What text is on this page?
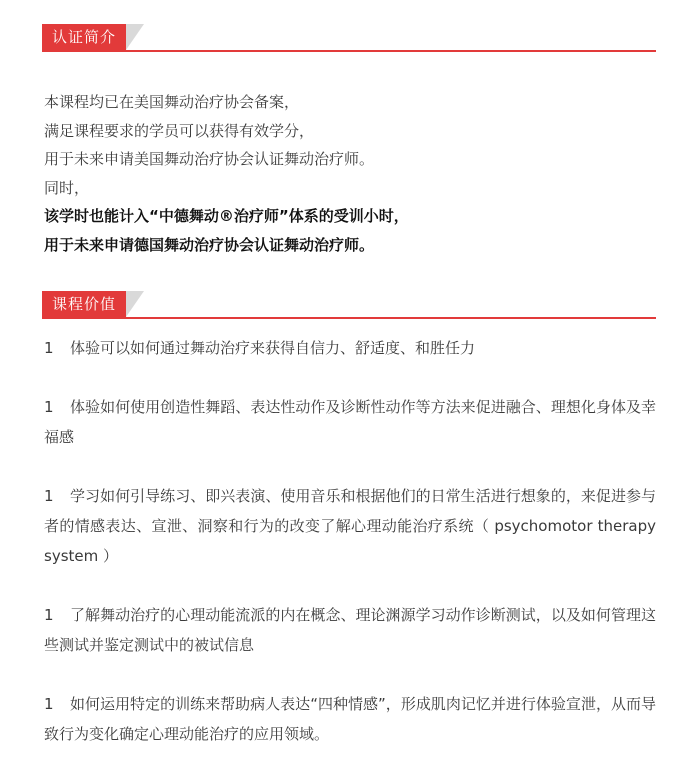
认证简介
本课程均已在美国舞动治疗协会备案，
满足课程要求的学员可以获得有效学分，
用于未来申请美国舞动治疗协会认证舞动治疗师。
同时，
该学时也能计入“中德舞动®治疗师”体系的受训小时，
用于未来申请德国舞动治疗协会认证舞动治疗师。
课程价值
1 体验可以如何通过舞动治疗来获得自信力、舒适度、和胜任力
1 体验如何使用创造性舞蹈、表达性动作及诊断性动作等方法来促进融合、理想化身体及幸福感
1 学习如何引导练习、即兴表演、使用音乐和根据他们的日常生活进行想象的，来促进参与者的情感表达、宣泄、洞察和行为的改变了解心理动能治疗系统（ psychomotor therapy system ）
1 了解舞动治疗的心理动能流派的内在概念、理论渊源学习动作诊断测试，以及如何管理这些测试并鉴定测试中的被试信息
1 如何运用特定的训练来帮助病人表达“四种情感”，形成肌肉记忆并进行体验宣泄，从而导致行为变化确定心理动能治疗的应用领域。
